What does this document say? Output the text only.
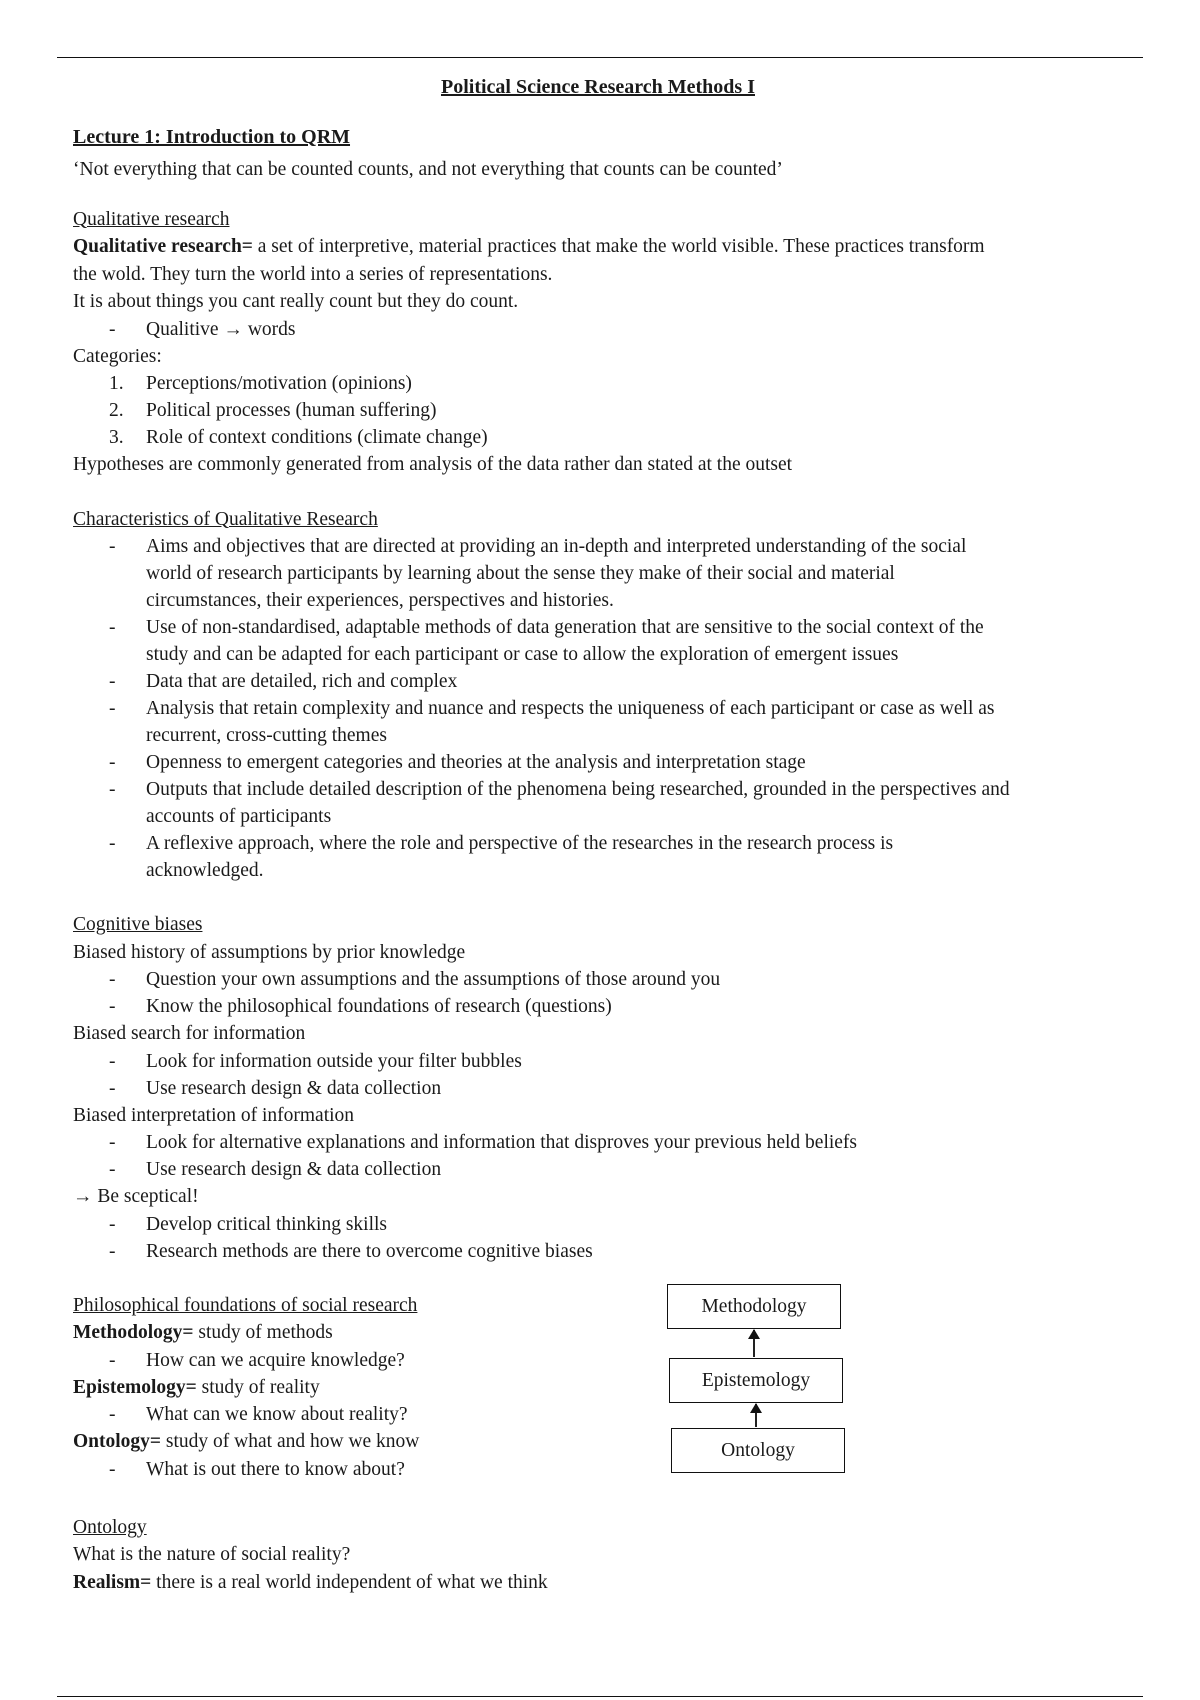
Political Science Research Methods I

Lecture 1: Introduction to QRM

‘Not everything that can be counted counts, and not everything that counts can be counted’

Qualitative research

Qualitative research= a set of interpretive, material practices that make the world visible. These practices transform

the wold. They turn the world into a series of representations.

It is about things you cant really count but they do count.

- Qualitive → words

Categories:

1. Perceptions/motivation (opinions)
2. Political processes (human suffering)
3. Role of context conditions (climate change)

Hypotheses are commonly generated from analysis of the data rather dan stated at the outset

Characteristics of Qualitative Research
- Aims and objectives that are directed at providing an in-depth and interpreted understanding of the social
world of research participants by learning about the sense they make of their social and material
circumstances, their experiences, perspectives and histories.
- Use of non-standardised, adaptable methods of data generation that are sensitive to the social context of the
study and can be adapted for each participant or case to allow the exploration of emergent issues
- Data that are detailed, rich and complex
- Analysis that retain complexity and nuance and respects the uniqueness of each participant or case as well as
recurrent, cross-cutting themes
- Openness to emergent categories and theories at the analysis and interpretation stage
- Outputs that include detailed description of the phenomena being researched, grounded in the perspectives and
accounts of participants
- A reflexive approach, where the role and perspective of the researches in the research process is
acknowledged.
Cognitive biases

Biased history of assumptions by prior knowledge

- Question your own assumptions and the assumptions of those around you
- Know the philosophical foundations of research (questions)

Biased search for information

- Look for information outside your filter bubbles
- Use research design & data collection

Biased interpretation of information

- Look for alternative explanations and information that disproves your previous held beliefs
- Use research design & data collection

→ Be sceptical!

- Develop critical thinking skills
- Research methods are there to overcome cognitive biases
Philosophical foundations of social research

Methodology= study of methods

- How can we acquire knowledge?

Epistemology= study of reality

- What can we know about reality?

Ontology= study of what and how we know

- What is out there to know about?
Methodology
Epistemology
Ontology
Ontology

What is the nature of social reality?

Realism= there is a real world independent of what we think
